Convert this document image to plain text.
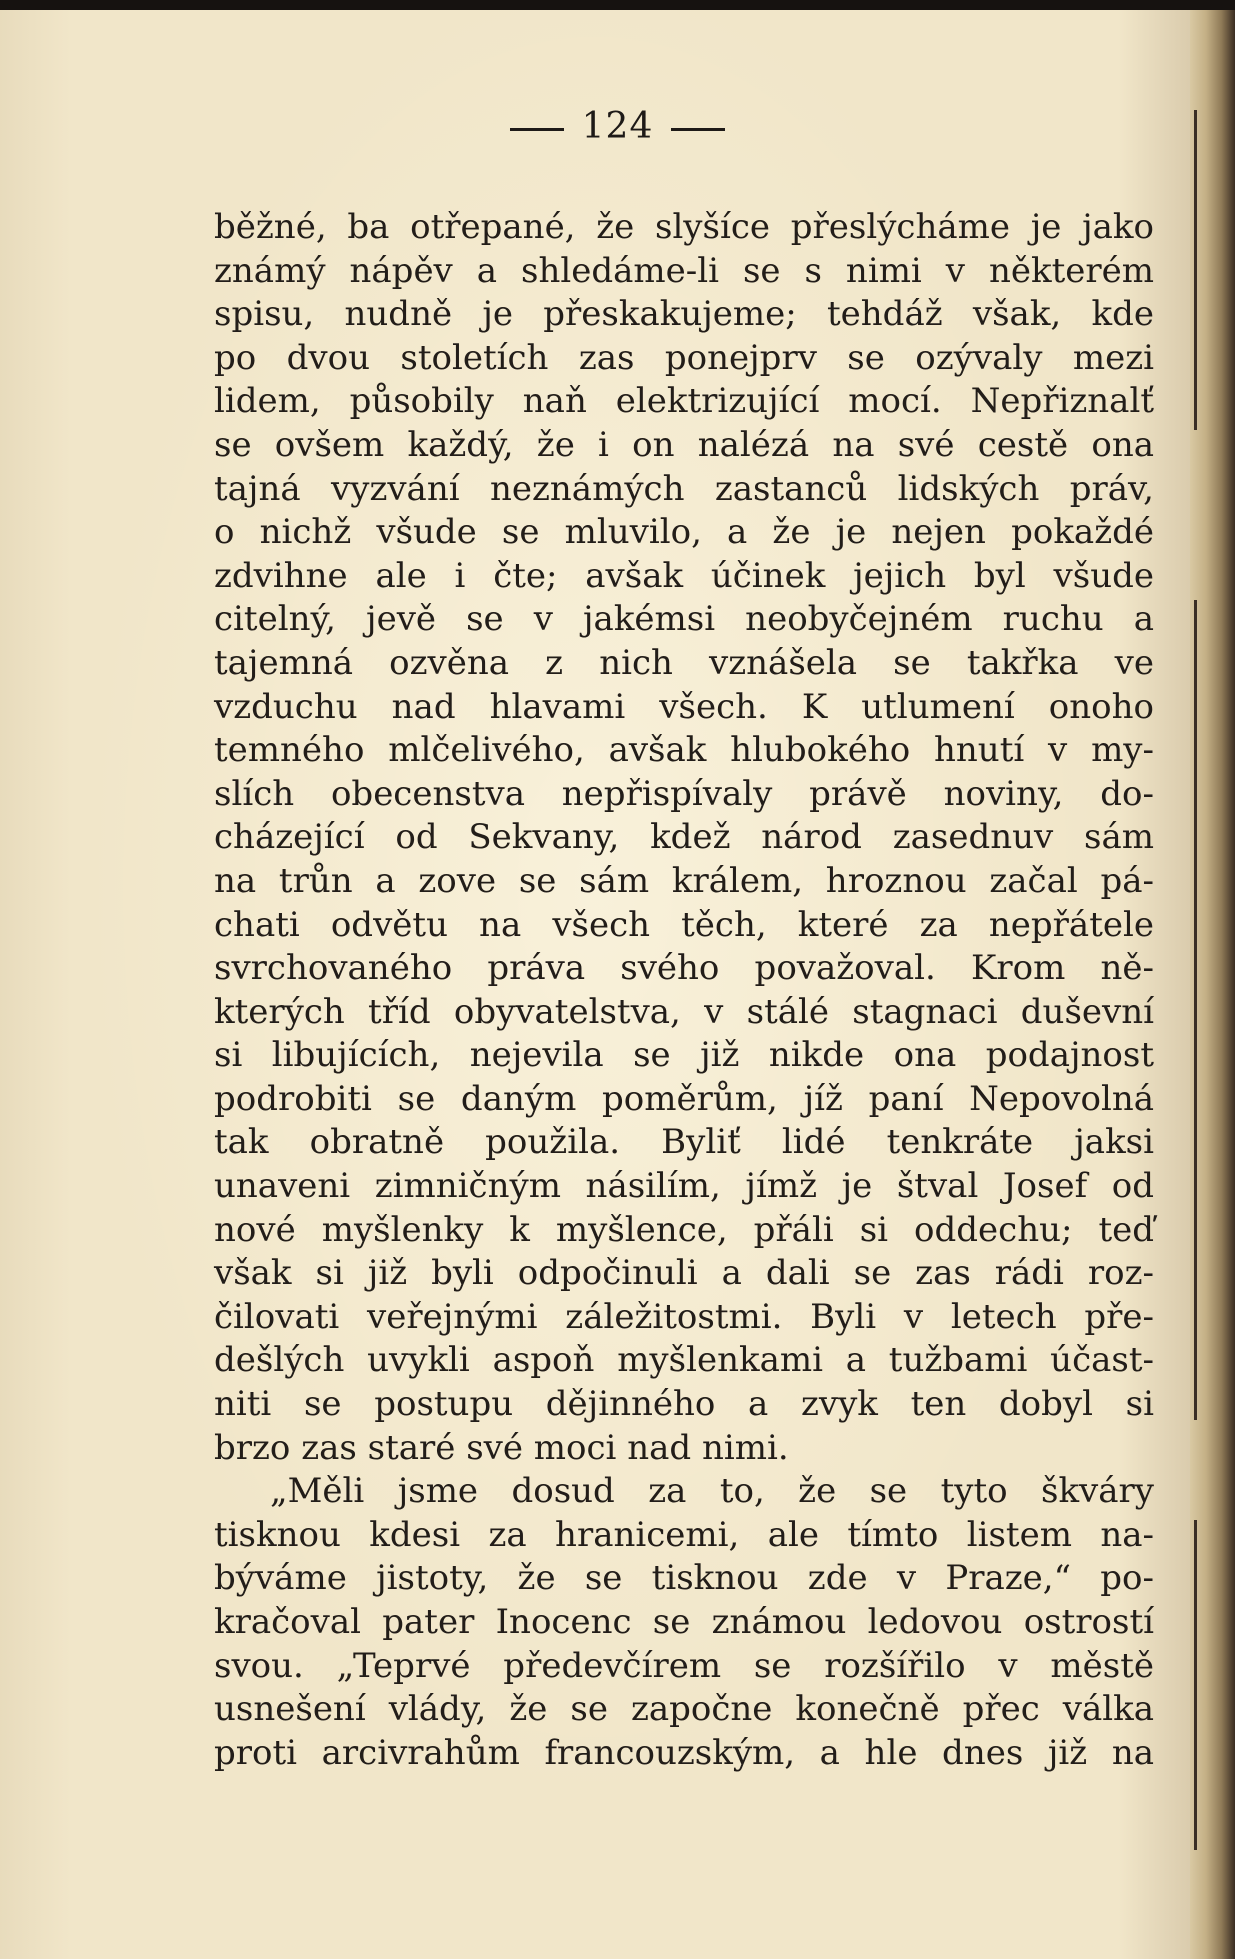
124
běžné, ba otřepané, že slyšíce přeslýcháme je jako
známý nápěv a shledáme-li se s nimi v některém
spisu, nudně je přeskakujeme; tehdáž však, kde
po dvou stoletích zas ponejprv se ozývaly mezi
lidem, působily naň elektrizující mocí. Nepřiznalť
se ovšem každý, že i on nalézá na své cestě ona
tajná vyzvání neznámých zastanců lidských práv,
o nichž všude se mluvilo, a že je nejen pokaždé
zdvihne ale i čte; avšak účinek jejich byl všude
citelný, jevě se v jakémsi neobyčejném ruchu a
tajemná ozvěna z nich vznášela se takřka ve
vzduchu nad hlavami všech. K utlumení onoho
temného mlčelivého, avšak hlubokého hnutí v my-
slích obecenstva nepřispívaly právě noviny, do-
cházející od Sekvany, kdež národ zasednuv sám
na trůn a zove se sám králem, hroznou začal pá-
chati odvětu na všech těch, které za nepřátele
svrchovaného práva svého považoval. Krom ně-
kterých tříd obyvatelstva, v stálé stagnaci duševní
si libujících, nejevila se již nikde ona podajnost
podrobiti se daným poměrům, jíž paní Nepovolná
tak obratně použila. Byliť lidé tenkráte jaksi
unaveni zimničným násilím, jímž je štval Josef od
nové myšlenky k myšlence, přáli si oddechu; teď
však si již byli odpočinuli a dali se zas rádi roz-
čilovati veřejnými záležitostmi. Byli v letech pře-
dešlých uvykli aspoň myšlenkami a tužbami účast-
niti se postupu dějinného a zvyk ten dobyl si
brzo zas staré své moci nad nimi.
„Měli jsme dosud za to, že se tyto škváry
tisknou kdesi za hranicemi, ale tímto listem na-
býváme jistoty, že se tisknou zde v Praze,“ po-
kračoval pater Inocenc se známou ledovou ostrostí
svou. „Teprvé předevčírem se rozšířilo v městě
usnešení vlády, že se započne konečně přec válka
proti arcivrahům francouzským, a hle dnes již na
